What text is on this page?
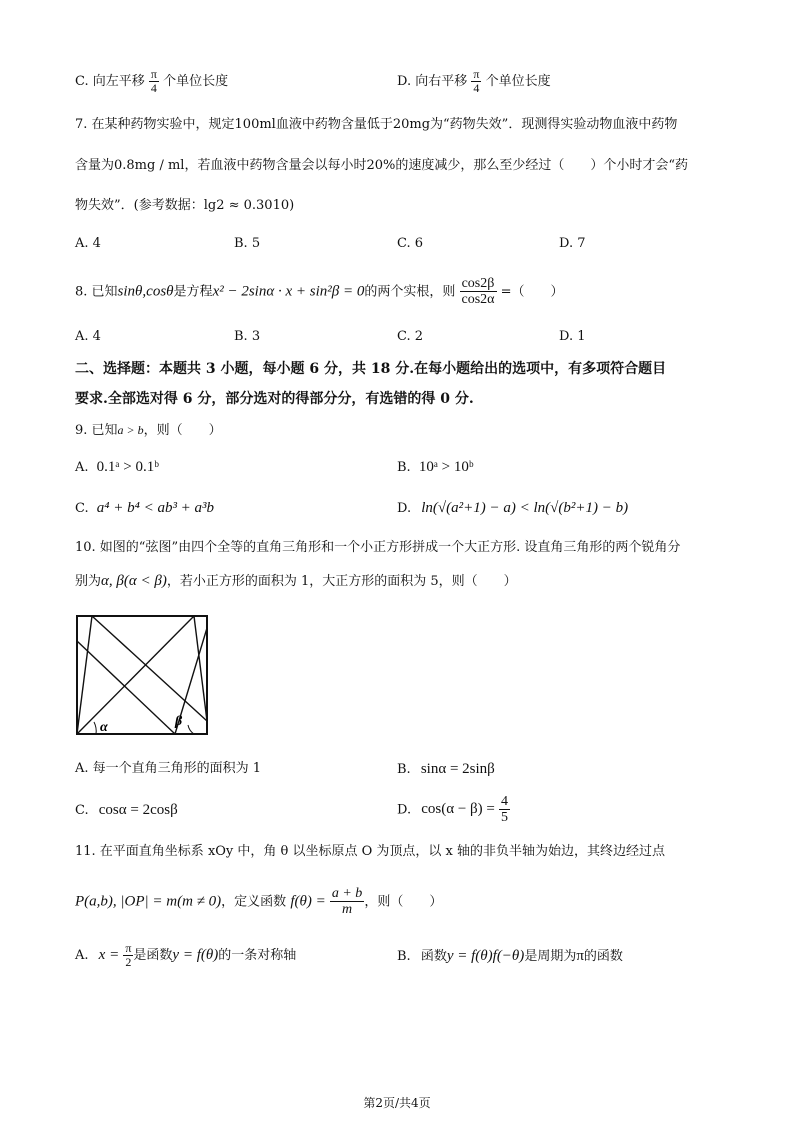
C. 向左平移 $\frac{\pi}{4}$ 个单位长度	D. 向右平移 $\frac{\pi}{4}$ 个单位长度
7. 在某种药物实验中，规定100ml血液中药物含量低于20mg为“药物失效”．现测得实验动物血液中药物
含量为0.8mg / ml，若血液中药物含量会以每小时20%的速度减少，那么至少经过（　　）个小时才会“药
物失效”．(参考数据：lg2 ≈ 0.3010)
A. 4	B. 5	C. 6	D. 7
8. 已知sinθ,cosθ是方程x² − 2sinα · x + sin²β = 0的两个实根，则 $\frac{\cos 2\beta}{\cos 2\alpha}$ =（　　）
A. 4	B. 3	C. 2	D. 1
二、选择题：本题共 3 小题，每小题 6 分，共 18 分.在每小题给出的选项中，有多项符合题目
要求.全部选对得 6 分，部分选对的得部分分，有选错的得 0 分.
9. 已知a > b，则（　　）
A. 0.1ᵃ > 0.1ᵇ	B. 10ᵃ > 10ᵇ
C. a⁴ + b⁴ < ab³ + a³b	D. ln(√(a²+1) − a) < ln(√(b²+1) − b)
10. 如图的“弦图”由四个全等的直角三角形和一个小正方形拼成一个大正方形. 设直角三角形的两个锐角分
别为α, β(α < β)，若小正方形的面积为 1，大正方形的面积为 5，则（　　）
α	β
A. 每一个直角三角形的面积为 1	B. sinα = 2sinβ
C. cosα = 2cosβ	D. $\cos(\alpha - \beta) = \frac{4}{5}$
11. 在平面直角坐标系 xOy 中，角 θ 以坐标原点 O 为顶点，以 x 轴的非负半轴为始边，其终边经过点
P(a,b), |OP| = m(m ≠ 0)，定义函数 $f(\theta) = \frac{a + b}{m}$ ，则（　　）
A. $x = \frac{\pi}{2}$ 是函数y = f(θ)的一条对称轴	B. 函数y = f(θ)f(−θ)是周期为π的函数
第2页/共4页
